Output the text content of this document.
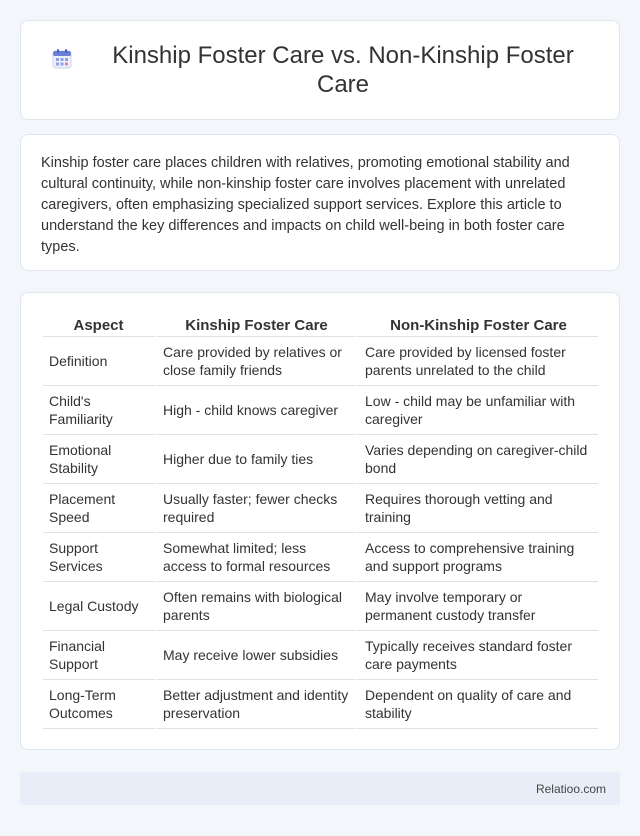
Kinship Foster Care vs. Non-Kinship Foster Care

Kinship foster care places children with relatives, promoting emotional stability and cultural continuity, while non-kinship foster care involves placement with unrelated caregivers, often emphasizing specialized support services. Explore this article to understand the key differences and impacts on child well-being in both foster care types.

Aspect	Kinship Foster Care	Non-Kinship Foster Care
Definition	Care provided by relatives or close family friends	Care provided by licensed foster parents unrelated to the child
Child's Familiarity	High - child knows caregiver	Low - child may be unfamiliar with caregiver
Emotional Stability	Higher due to family ties	Varies depending on caregiver-child bond
Placement Speed	Usually faster; fewer checks required	Requires thorough vetting and training
Support Services	Somewhat limited; less access to formal resources	Access to comprehensive training and support programs
Legal Custody	Often remains with biological parents	May involve temporary or permanent custody transfer
Financial Support	May receive lower subsidies	Typically receives standard foster care payments
Long-Term Outcomes	Better adjustment and identity preservation	Dependent on quality of care and stability
Relatioo.com
